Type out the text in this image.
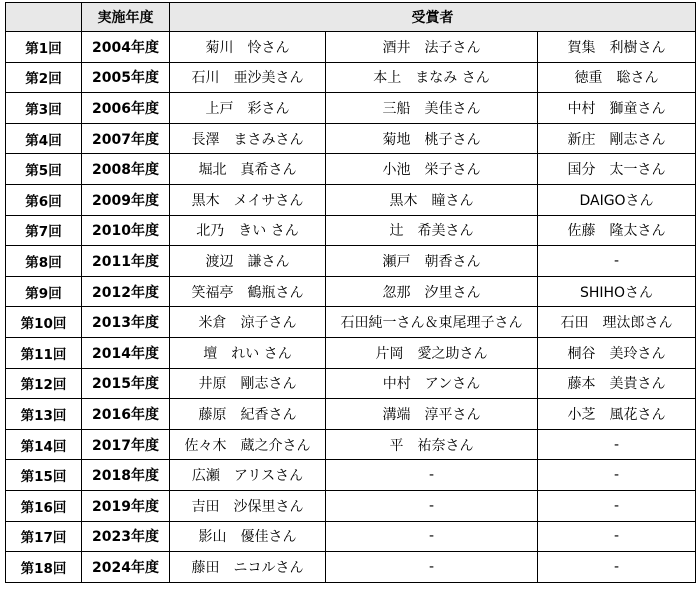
	実施年度	受賞者		
第1回	2004年度	菊川　怜さん	酒井　法子さん	賀集　利樹さん
第2回	2005年度	石川　亜沙美さん	本上　まなみ さん	徳重　聡さん
第3回	2006年度	上戸　彩さん	三船　美佳さん	中村　獅童さん
第4回	2007年度	長澤　まさみさん	菊地　桃子さん	新庄　剛志さん
第5回	2008年度	堀北　真希さん	小池　栄子さん	国分　太一さん
第6回	2009年度	黒木　メイサさん	黒木　瞳さん	DAIGOさん
第7回	2010年度	北乃　きい さん	辻　希美さん	佐藤　隆太さん
第8回	2011年度	渡辺　謙さん	瀬戸　朝香さん	-
第9回	2012年度	笑福亭　鶴瓶さん	忽那　汐里さん	SHIHOさん
第10回	2013年度	米倉　涼子さん	石田純一さん＆東尾理子さん	石田　理汰郎さん
第11回	2014年度	壇　れい さん	片岡　愛之助さん	桐谷　美玲さん
第12回	2015年度	井原　剛志さん	中村　アンさん	藤本　美貴さん
第13回	2016年度	藤原　紀香さん	溝端　淳平さん	小芝　風花さん
第14回	2017年度	佐々木　蔵之介さん	平　祐奈さん	-
第15回	2018年度	広瀬　アリスさん	-	-
第16回	2019年度	吉田　沙保里さん	-	-
第17回	2023年度	影山　優佳さん	-	-
第18回	2024年度	藤田　ニコルさん	-	-
